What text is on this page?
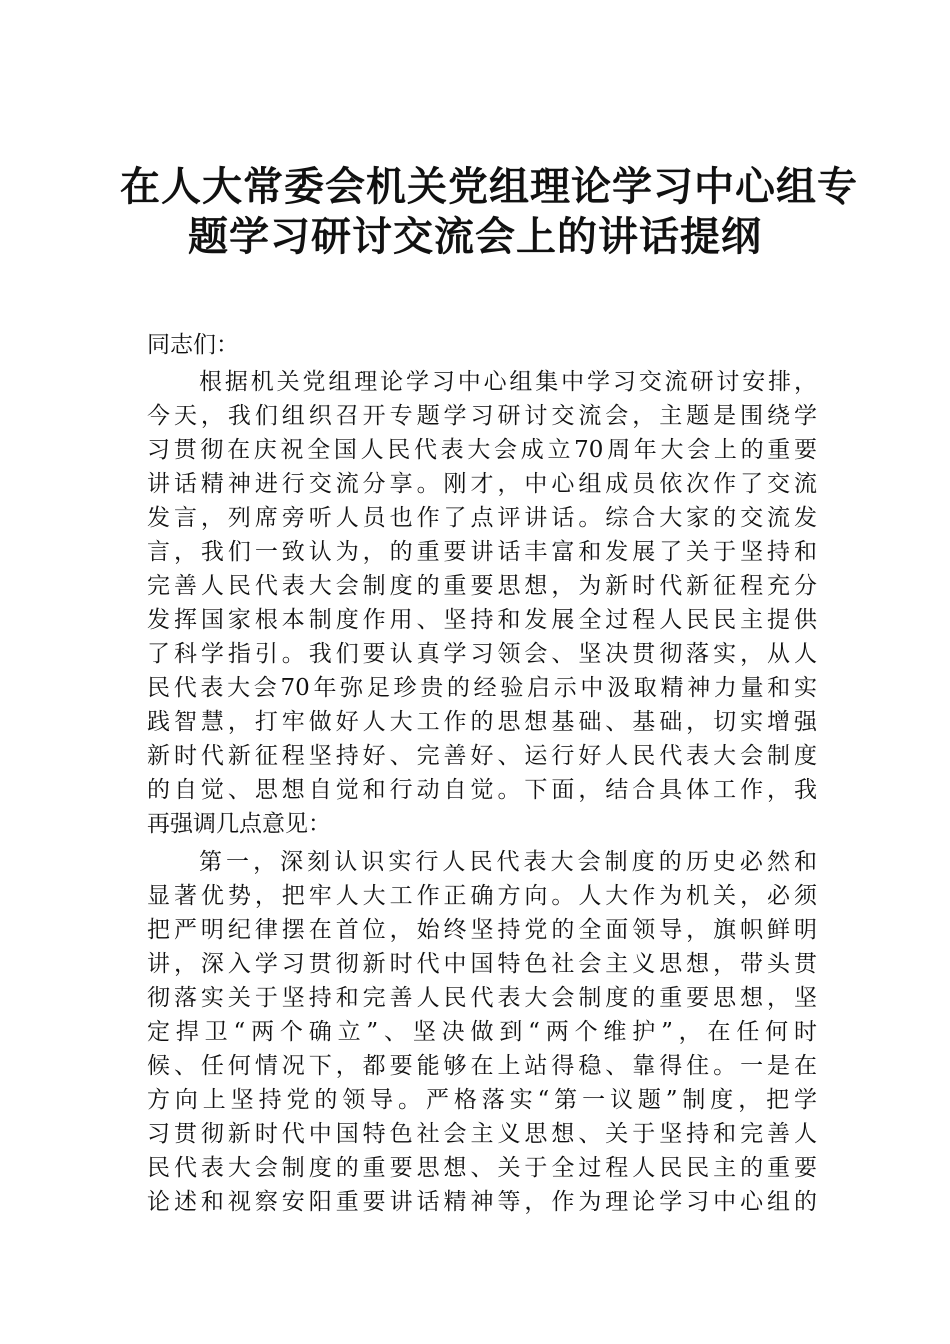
在人大常委会机关党组理论学习中心组专
题学习研讨交流会上的讲话提纲
同志们：
根据机关党组理论学习中心组集中学习交流研讨安排，
今天，我们组织召开专题学习研讨交流会，主题是围绕学
习贯彻在庆祝全国人民代表大会成立70周年大会上的重要
讲话精神进行交流分享。刚才，中心组成员依次作了交流
发言，列席旁听人员也作了点评讲话。综合大家的交流发
言，我们一致认为，的重要讲话丰富和发展了关于坚持和
完善人民代表大会制度的重要思想，为新时代新征程充分
发挥国家根本制度作用、坚持和发展全过程人民民主提供
了科学指引。我们要认真学习领会、坚决贯彻落实，从人
民代表大会70年弥足珍贵的经验启示中汲取精神力量和实
践智慧，打牢做好人大工作的思想基础、基础，切实增强
新时代新征程坚持好、完善好、运行好人民代表大会制度
的自觉、思想自觉和行动自觉。下面，结合具体工作，我
再强调几点意见：
第一，深刻认识实行人民代表大会制度的历史必然和
显著优势，把牢人大工作正确方向。人大作为机关，必须
把严明纪律摆在首位，始终坚持党的全面领导，旗帜鲜明
讲，深入学习贯彻新时代中国特色社会主义思想，带头贯
彻落实关于坚持和完善人民代表大会制度的重要思想，坚
定捍卫“两个确立”、坚决做到“两个维护”，在任何时
候、任何情况下，都要能够在上站得稳、靠得住。一是在
方向上坚持党的领导。严格落实“第一议题”制度，把学
习贯彻新时代中国特色社会主义思想、关于坚持和完善人
民代表大会制度的重要思想、关于全过程人民民主的重要
论述和视察安阳重要讲话精神等，作为理论学习中心组的
